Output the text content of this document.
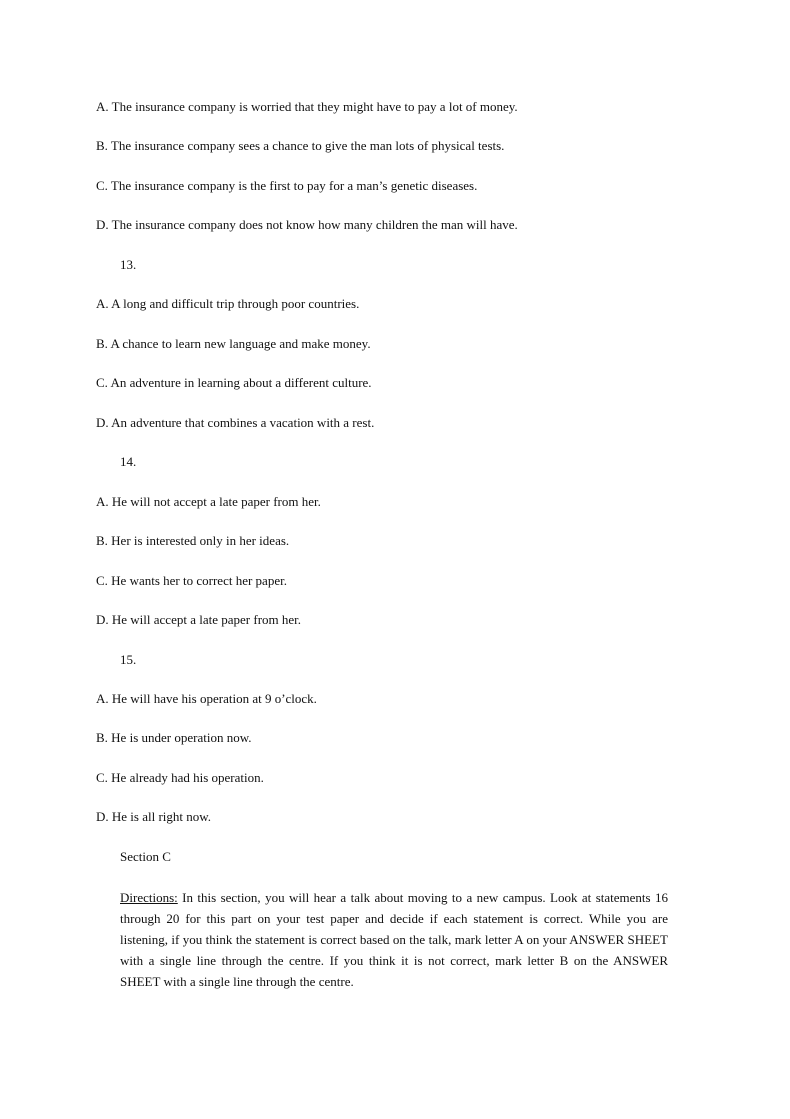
A. The insurance company is worried that they might have to pay a lot of money.
B. The insurance company sees a chance to give the man lots of physical tests.
C. The insurance company is the first to pay for a man’s genetic diseases.
D. The insurance company does not know how many children the man will have.
13.
A. A long and difficult trip through poor countries.
B. A chance to learn new language and make money.
C. An adventure in learning about a different culture.
D. An adventure that combines a vacation with a rest.
14.
A. He will not accept a late paper from her.
B. Her is interested only in her ideas.
C. He wants her to correct her paper.
D. He will accept a late paper from her.
15.
A. He will have his operation at 9 o’clock.
B. He is under operation now.
C. He already had his operation.
D. He is all right now.
Section C
Directions: In this section, you will hear a talk about moving to a new campus. Look at statements 16 through 20 for this part on your test paper and decide if each statement is correct. While you are listening, if you think the statement is correct based on the talk, mark letter A on your ANSWER SHEET with a single line through the centre. If you think it is not correct, mark letter B on the ANSWER SHEET with a single line through the centre.
